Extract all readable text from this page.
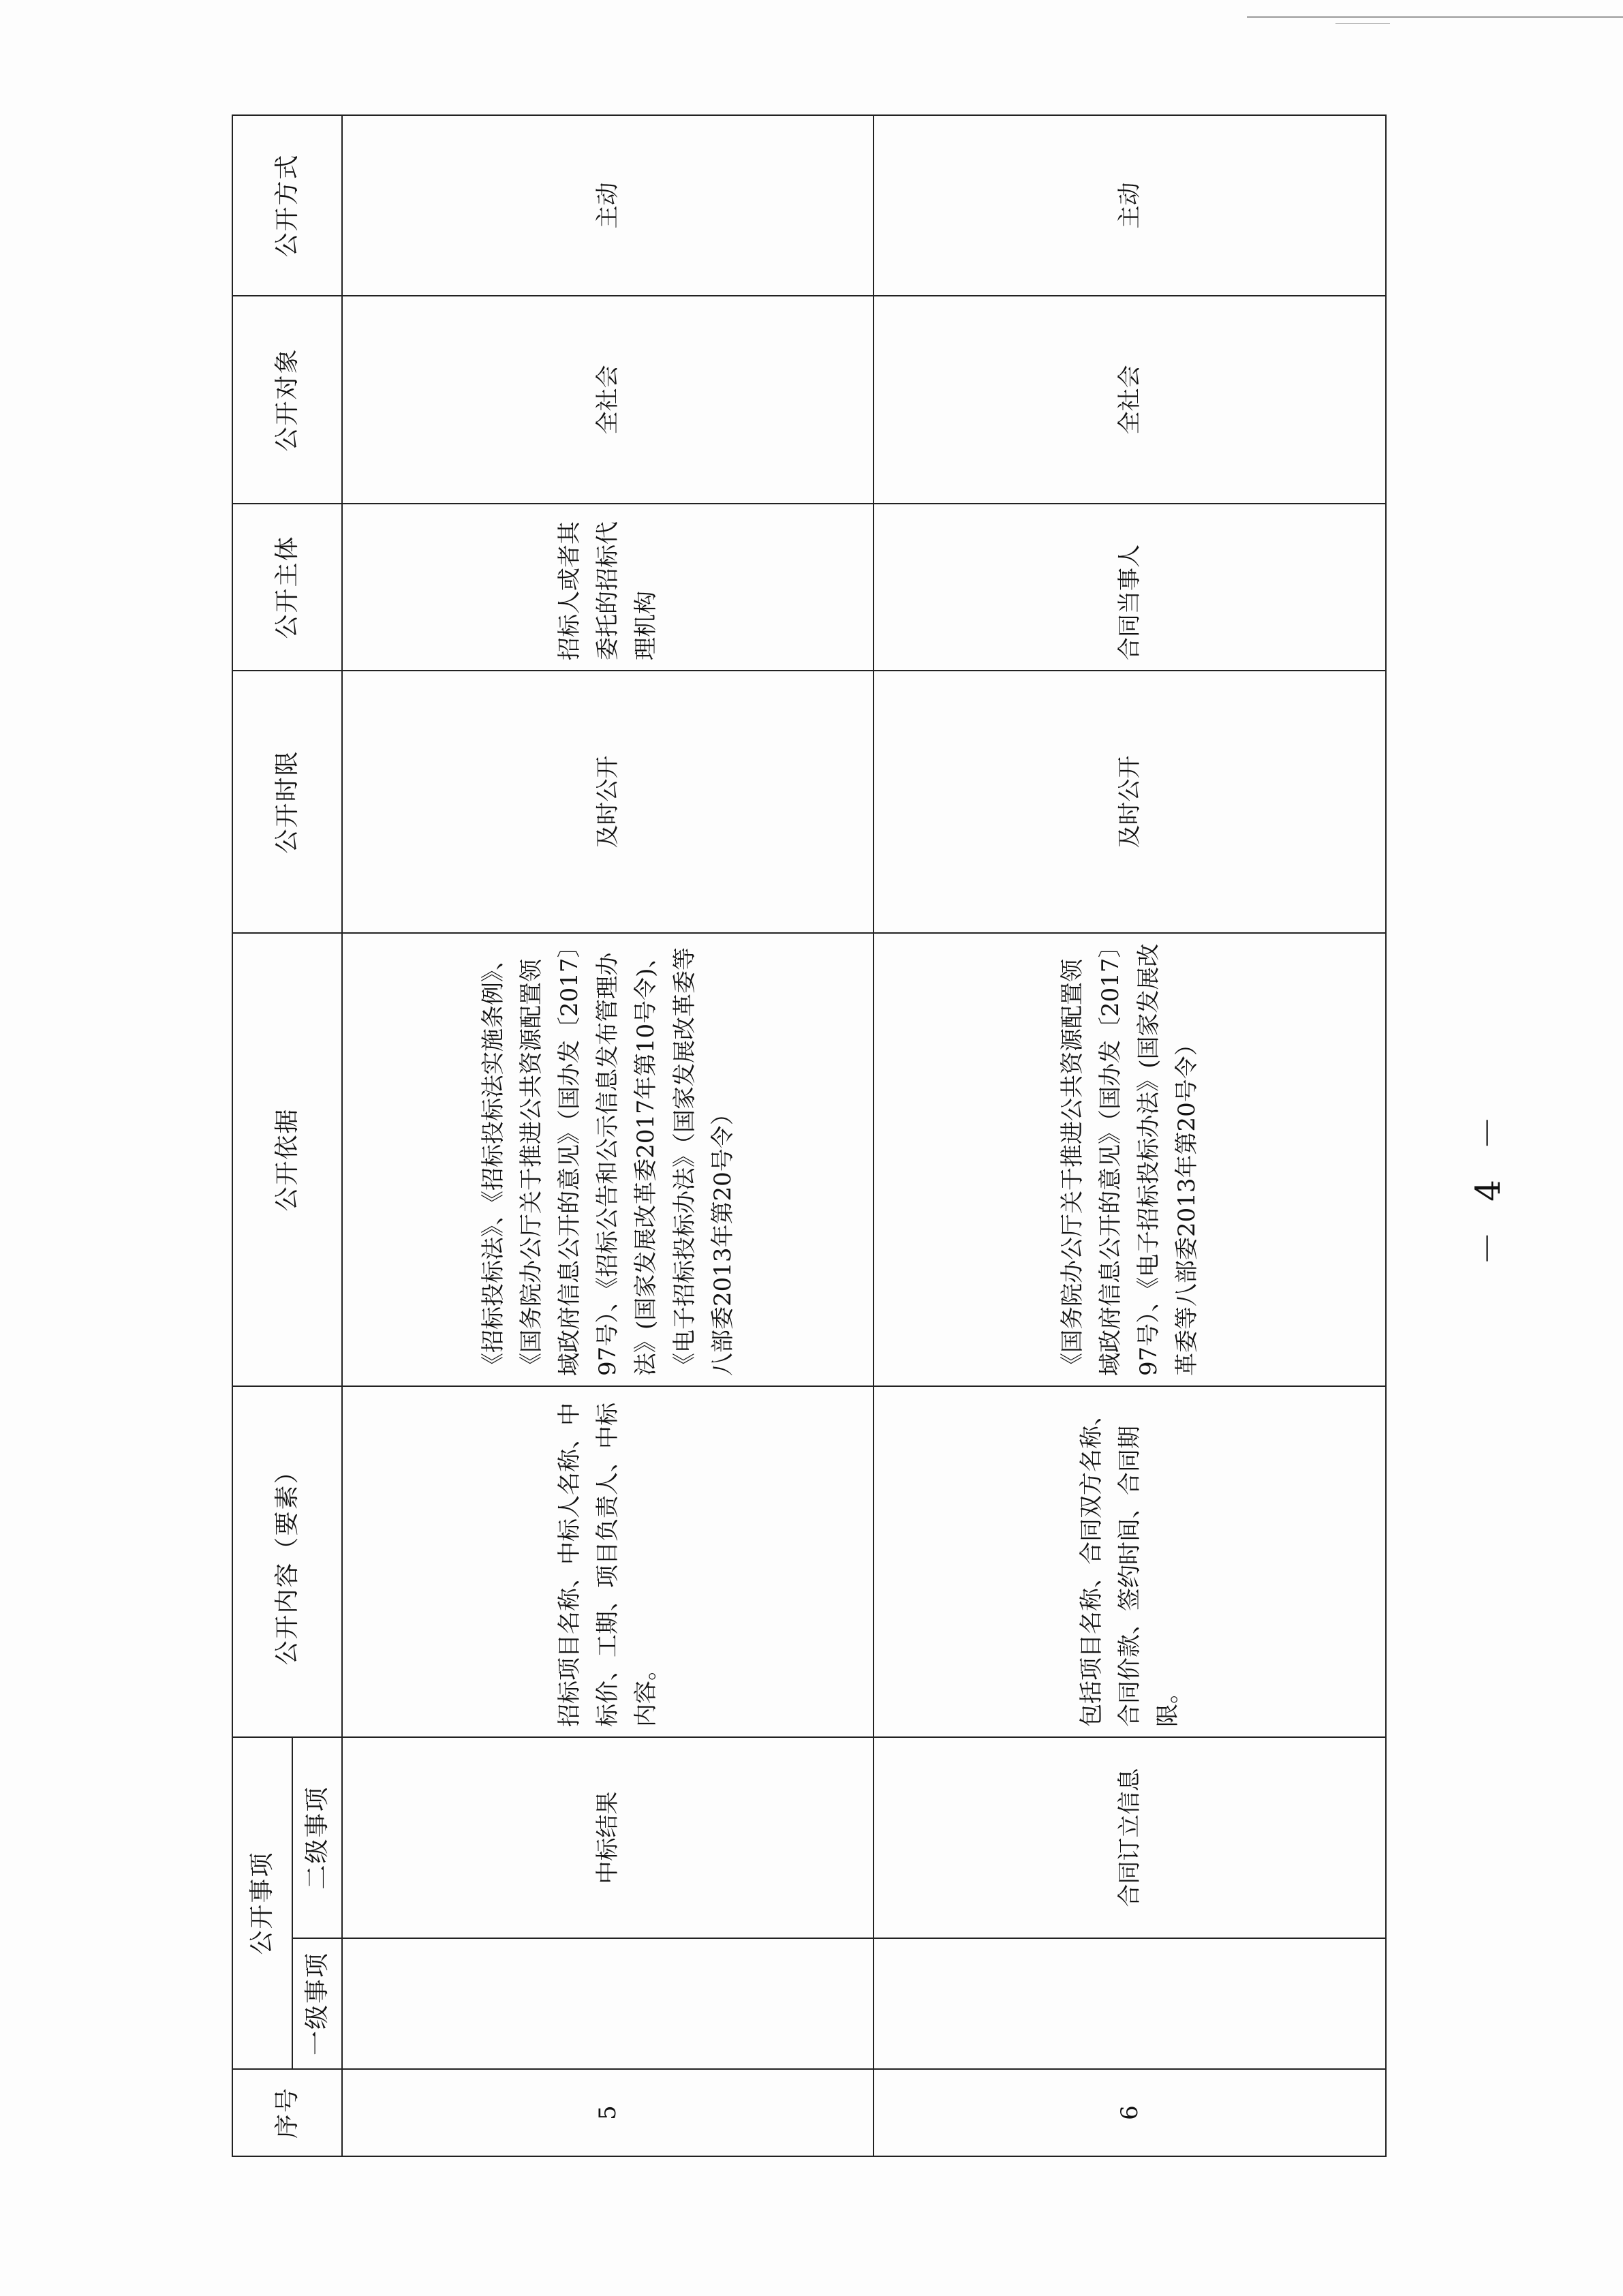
序号	公开事项		公开内容（要素）	公开依据	公开时限	公开主体	公开对象	公开方式
	一级事项	二级事项						
5		中标结果	招标项目名称、中标人名称、中标价、工期、项目负责人、中标内容。	《招标投标法》、《招标投标法实施条例》、《国务院办公厅关于推进公共资源配置领域政府信息公开的意见》（国办发〔2017〕97号）、《招标公告和公示信息发布管理办法》(国家发展改革委2017年第10号令)、《电子招标投标办法》（国家发展改革委等八部委2013年第20号令）	及时公开	招标人或者其委托的招标代理机构	全社会	主动
6		合同订立信息	包括项目名称、合同双方名称、合同价款、签约时间、合同期限。	《国务院办公厅关于推进公共资源配置领域政府信息公开的意见》（国办发〔2017〕97号）、《电子招标投标办法》(国家发展改革委等八部委2013年第20号令）	及时公开	合同当事人	全社会	主动
－ 4 －
